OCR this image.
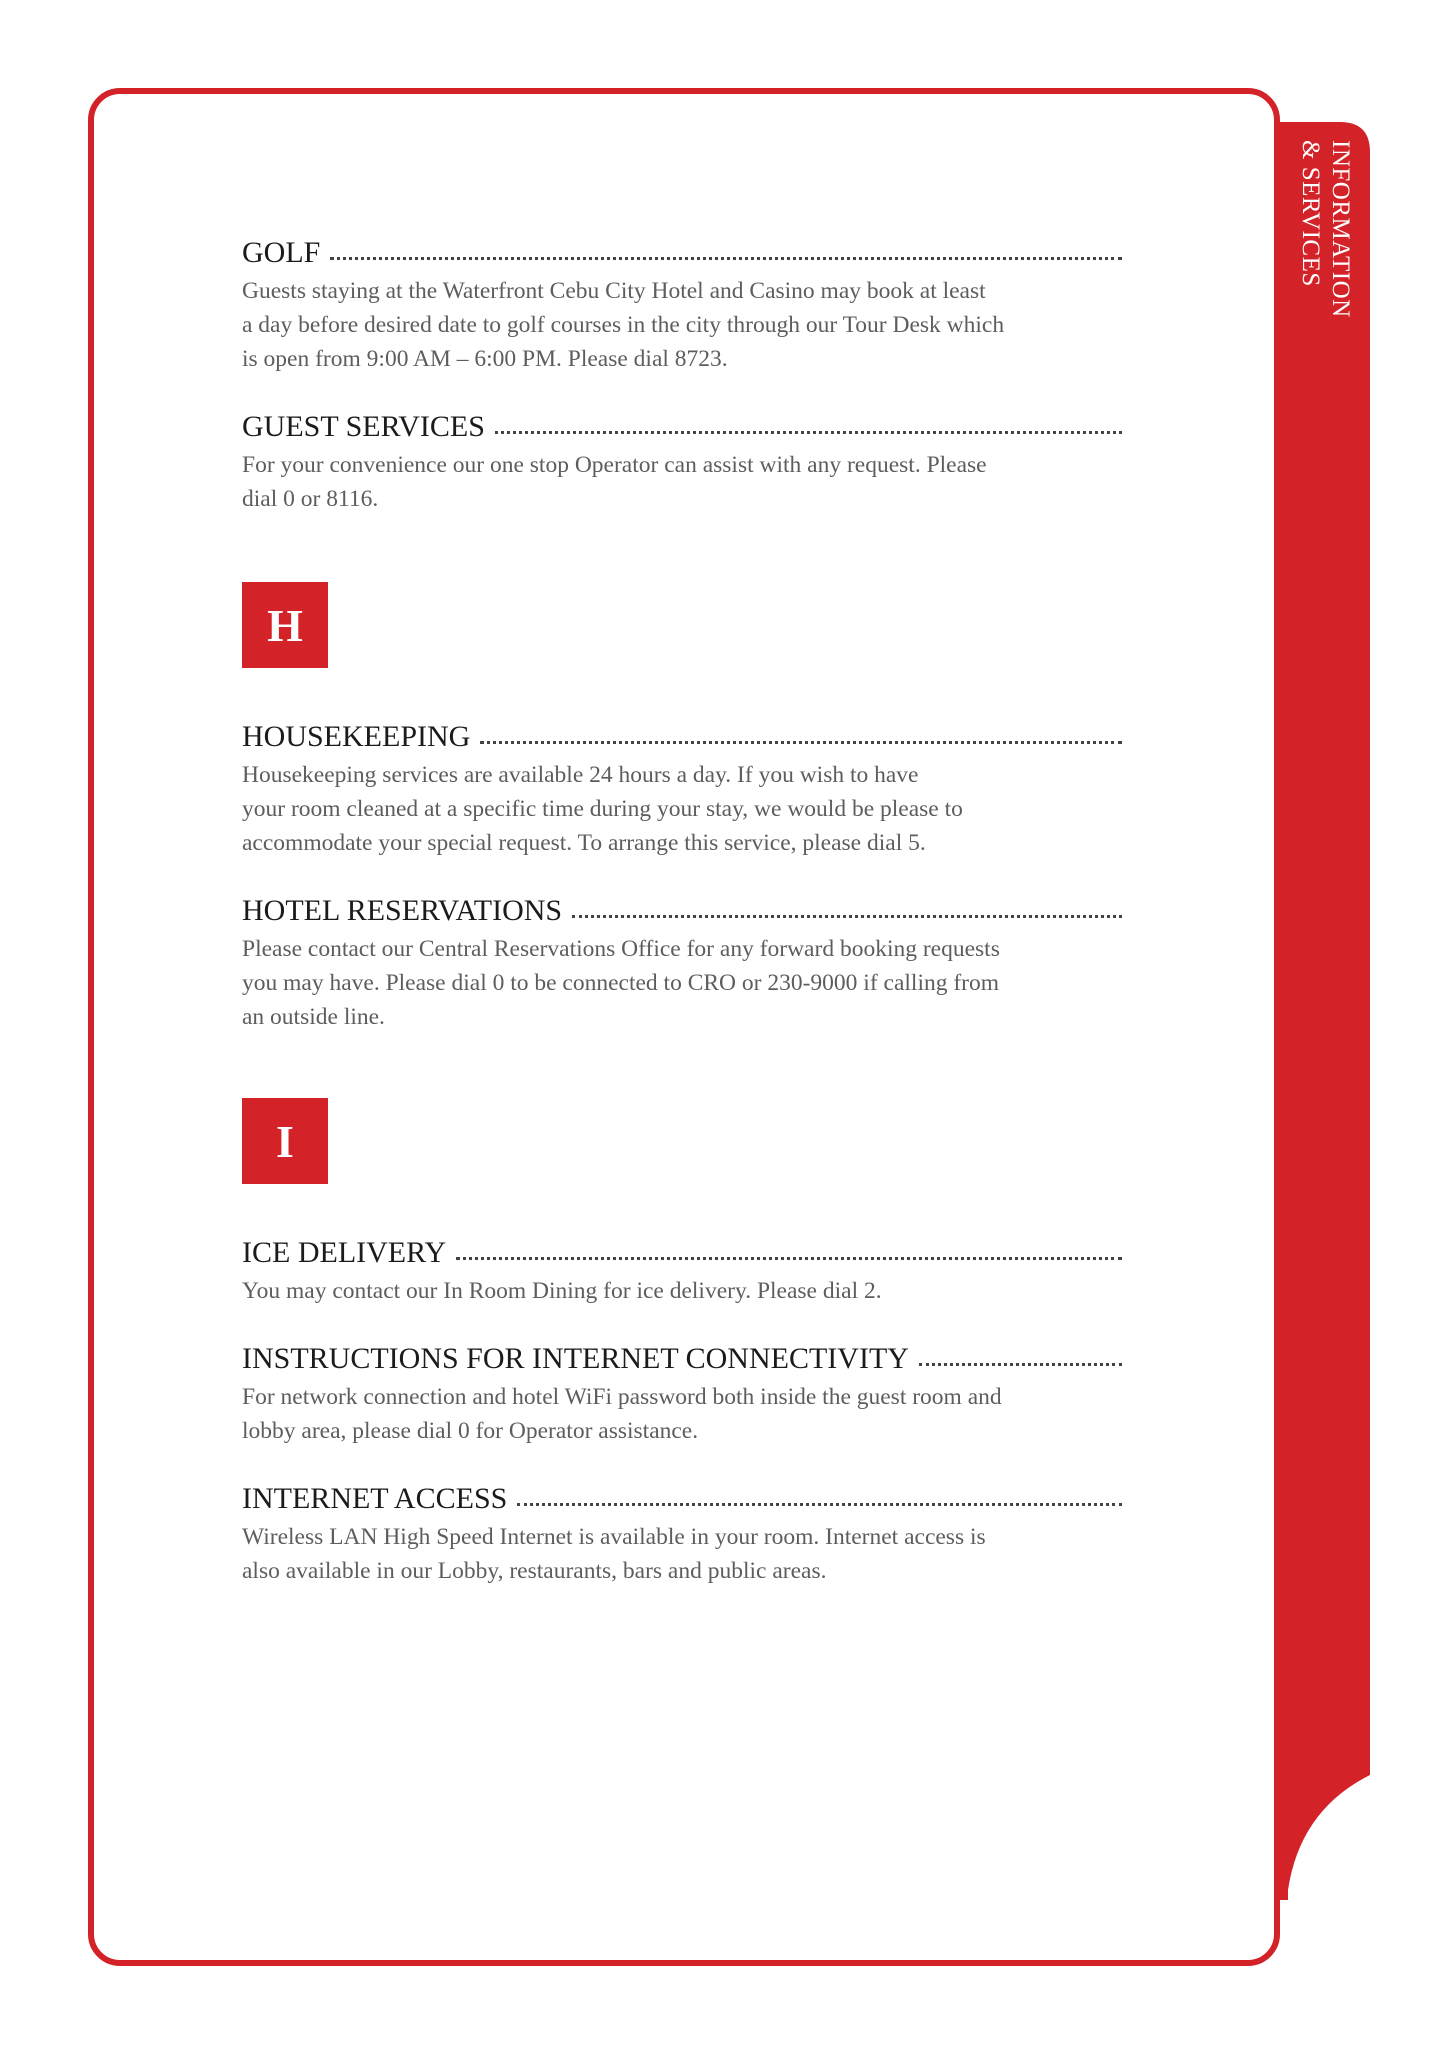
INFORMATION
& SERVICES
GOLF

Guests staying at the Waterfront Cebu City Hotel and Casino may book at least
a day before desired date to golf courses in the city through our Tour Desk which
is open from 9:00 AM – 6:00 PM. Please dial 8723.

GUEST SERVICES

For your convenience our one stop Operator can assist with any request. Please
dial 0 or 8116.

H
HOUSEKEEPING

Housekeeping services are available 24 hours a day. If you wish to have
your room cleaned at a specific time during your stay, we would be please to
accommodate your special request. To arrange this service, please dial 5.

HOTEL RESERVATIONS

Please contact our Central Reservations Office for any forward booking requests
you may have. Please dial 0 to be connected to CRO or 230-9000 if calling from
an outside line.

I
ICE DELIVERY

You may contact our In Room Dining for ice delivery. Please dial 2.

INSTRUCTIONS FOR INTERNET CONNECTIVITY

For network connection and hotel WiFi password both inside the guest room and
lobby area, please dial 0 for Operator assistance.

INTERNET ACCESS

Wireless LAN High Speed Internet is available in your room. Internet access is
also available in our Lobby, restaurants, bars and public areas.
